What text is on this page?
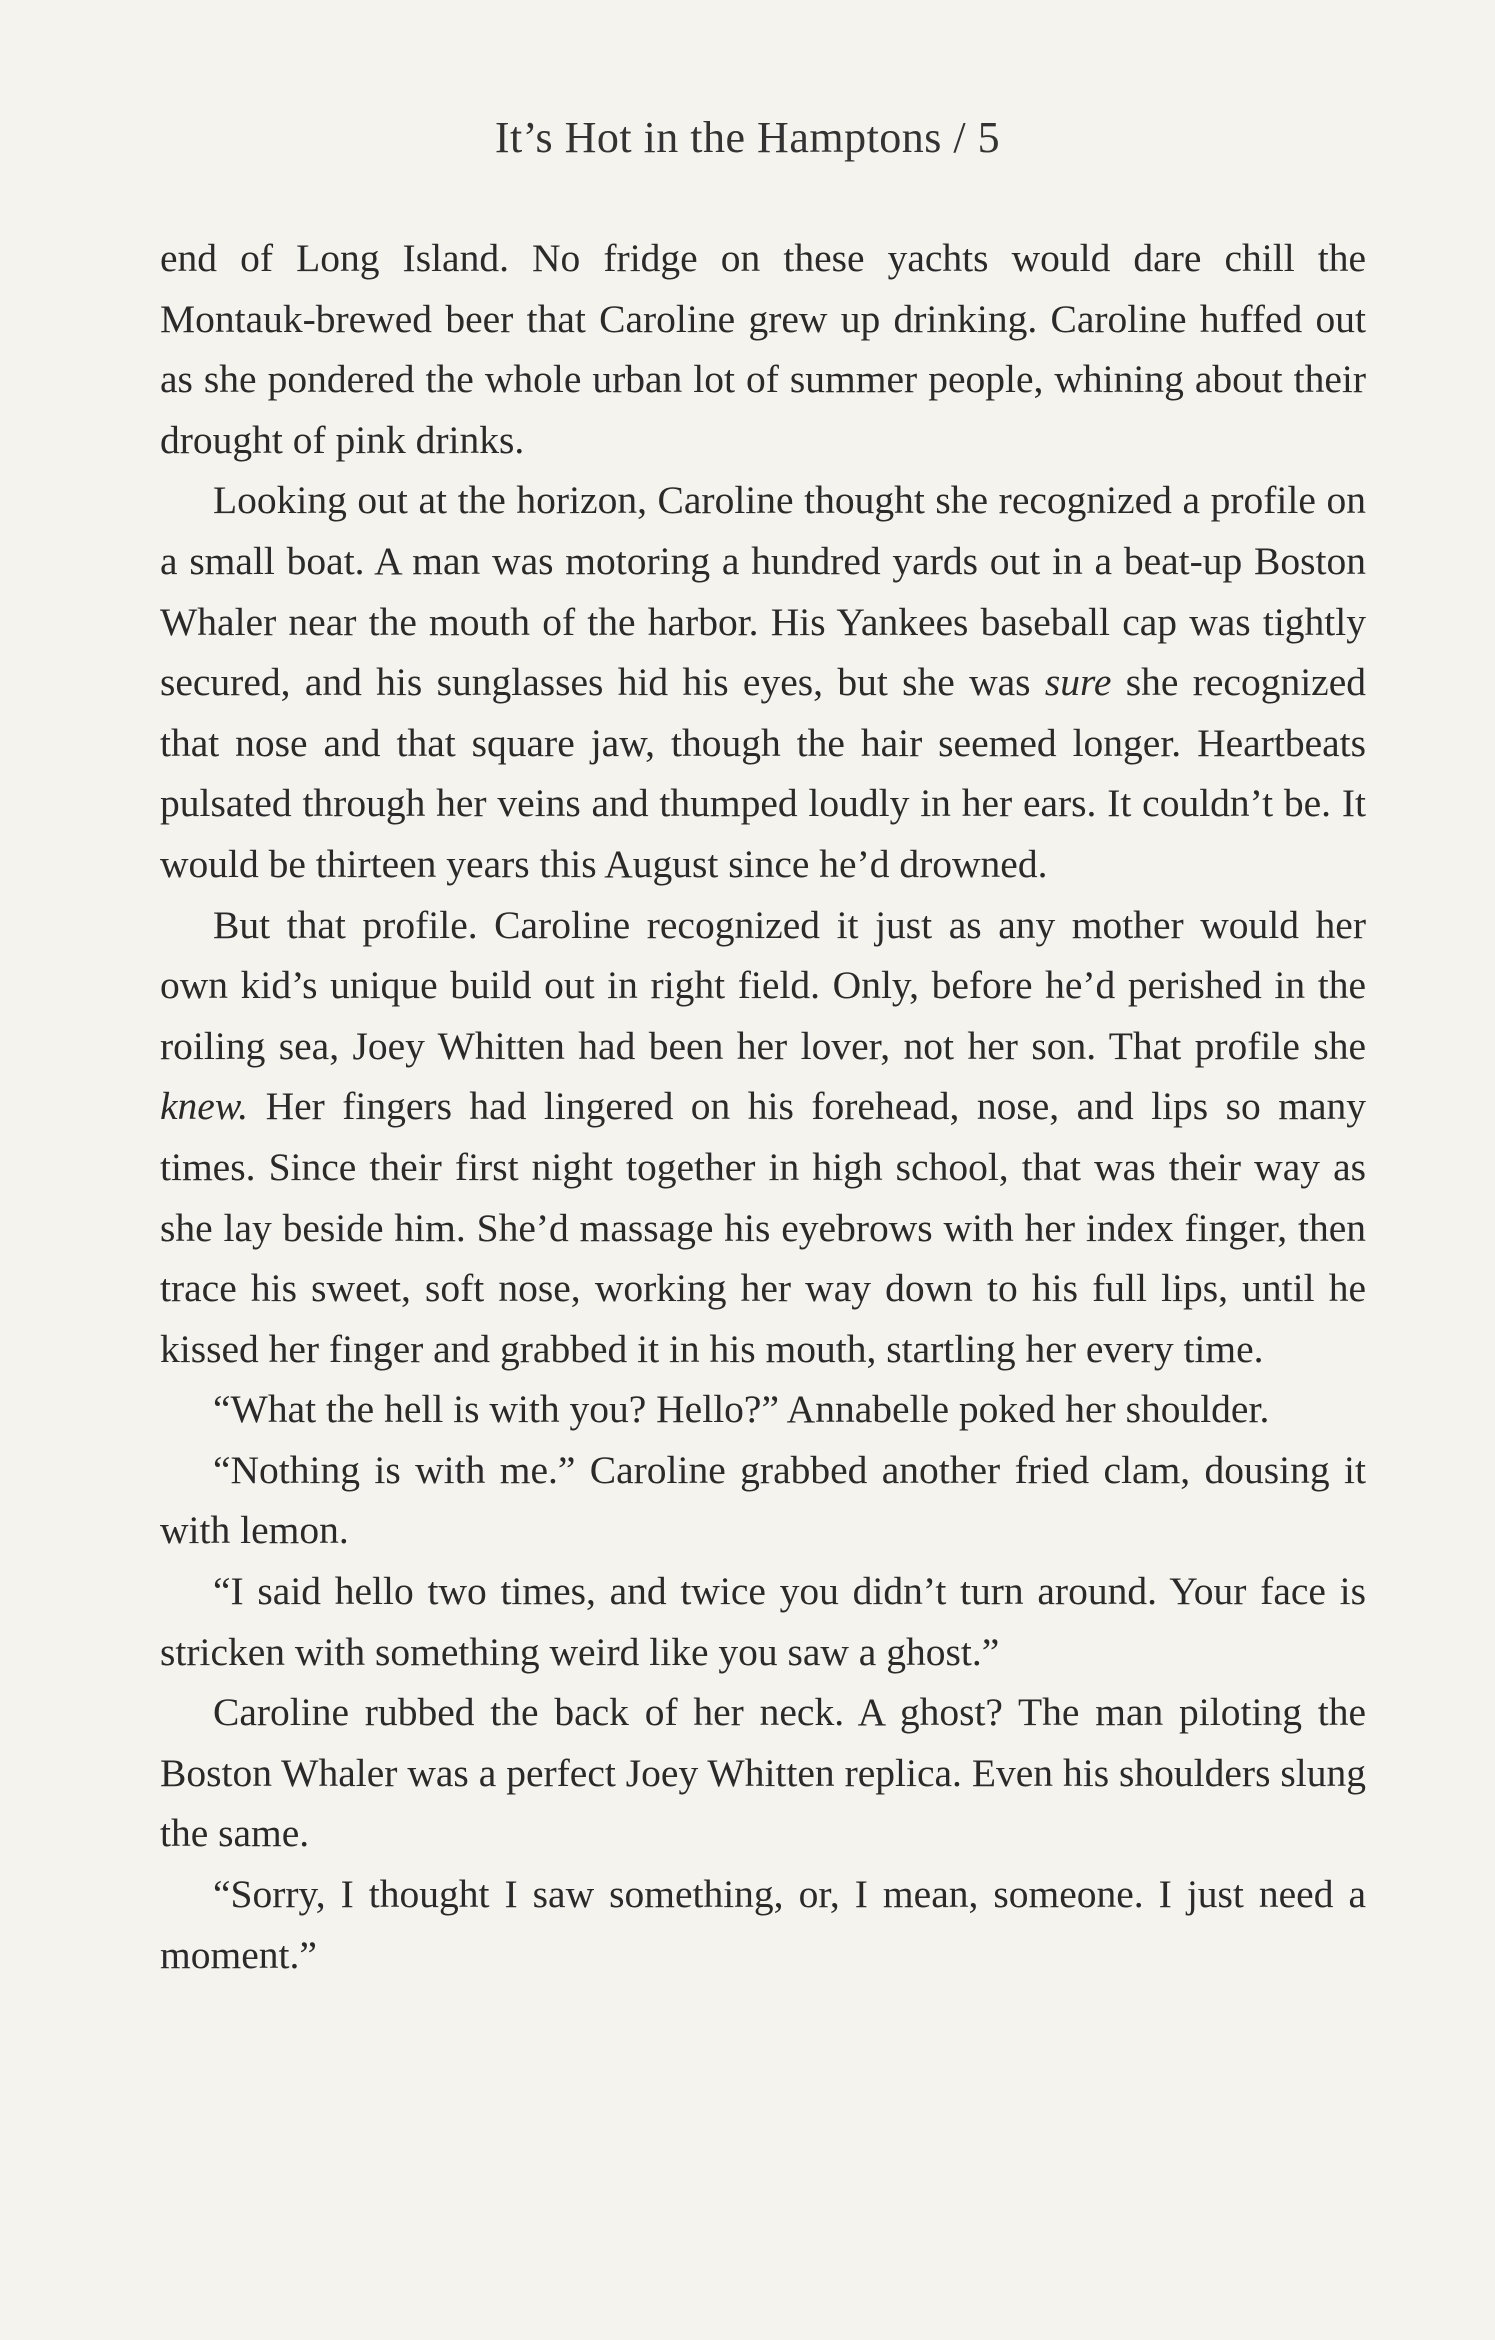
It’s Hot in the Hamptons / 5

end of Long Island. No fridge on these yachts would dare chill the Montauk-brewed beer that Caroline grew up drinking. Caroline huffed out as she pondered the whole urban lot of summer people, whining about their drought of pink drinks.

Looking out at the horizon, Caroline thought she recognized a profile on a small boat. A man was motoring a hundred yards out in a beat-up Boston Whaler near the mouth of the harbor. His Yankees baseball cap was tightly secured, and his sunglasses hid his eyes, but she was sure she recognized that nose and that square jaw, though the hair seemed longer. Heartbeats pulsated through her veins and thumped loudly in her ears. It couldn’t be. It would be thirteen years this August since he’d drowned.

But that profile. Caroline recognized it just as any mother would her own kid’s unique build out in right field. Only, before he’d perished in the roiling sea, Joey Whitten had been her lover, not her son. That profile she knew. Her fingers had lingered on his forehead, nose, and lips so many times. Since their first night together in high school, that was their way as she lay beside him. She’d massage his eyebrows with her index finger, then trace his sweet, soft nose, working her way down to his full lips, until he kissed her finger and grabbed it in his mouth, startling her every time.

“What the hell is with you? Hello?” Annabelle poked her shoulder.

“Nothing is with me.” Caroline grabbed another fried clam, dousing it with lemon.

“I said hello two times, and twice you didn’t turn around. Your face is stricken with something weird like you saw a ghost.”

Caroline rubbed the back of her neck. A ghost? The man piloting the Boston Whaler was a perfect Joey Whitten replica. Even his shoulders slung the same.

“Sorry, I thought I saw something, or, I mean, someone. I just need a moment.”
